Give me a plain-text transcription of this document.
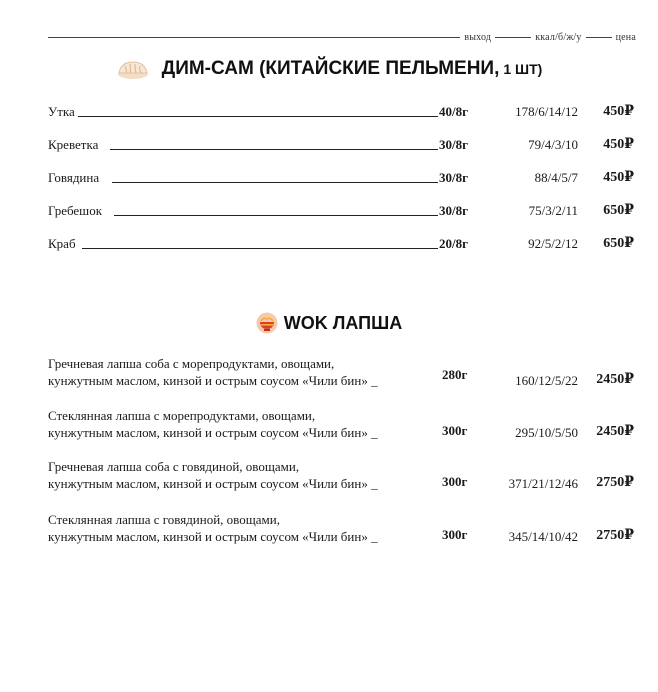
выход	ккал/б/ж/у	цена
ДИМ-САМ (КИТАЙСКИЕ ПЕЛЬМЕНИ, 1 ШТ)
Утка	40/8г	178/6/14/12 450₽
Креветка	30/8г	79/4/3/10 450₽
Говядина	30/8г	88/4/5/7 450₽
Гребешок	30/8г	75/3/2/11 650₽
Краб	20/8г	92/5/2/12 650₽
WOK ЛАПША
Гречневая лапша соба с морепродуктами, овощами,
кунжутным маслом, кинзой и острым соусом «Чили бин» _	280г	160/12/5/22 2450₽
Стеклянная лапша с морепродуктами, овощами,
кунжутным маслом, кинзой и острым соусом «Чили бин» _	300г	295/10/5/50 2450₽
Гречневая лапша соба с говядиной, овощами,
кунжутным маслом, кинзой и острым соусом «Чили бин» _	300г	371/21/12/46 2750₽
Стеклянная лапша с говядиной, овощами,
кунжутным маслом, кинзой и острым соусом «Чили бин» _	300г	345/14/10/42 2750₽
